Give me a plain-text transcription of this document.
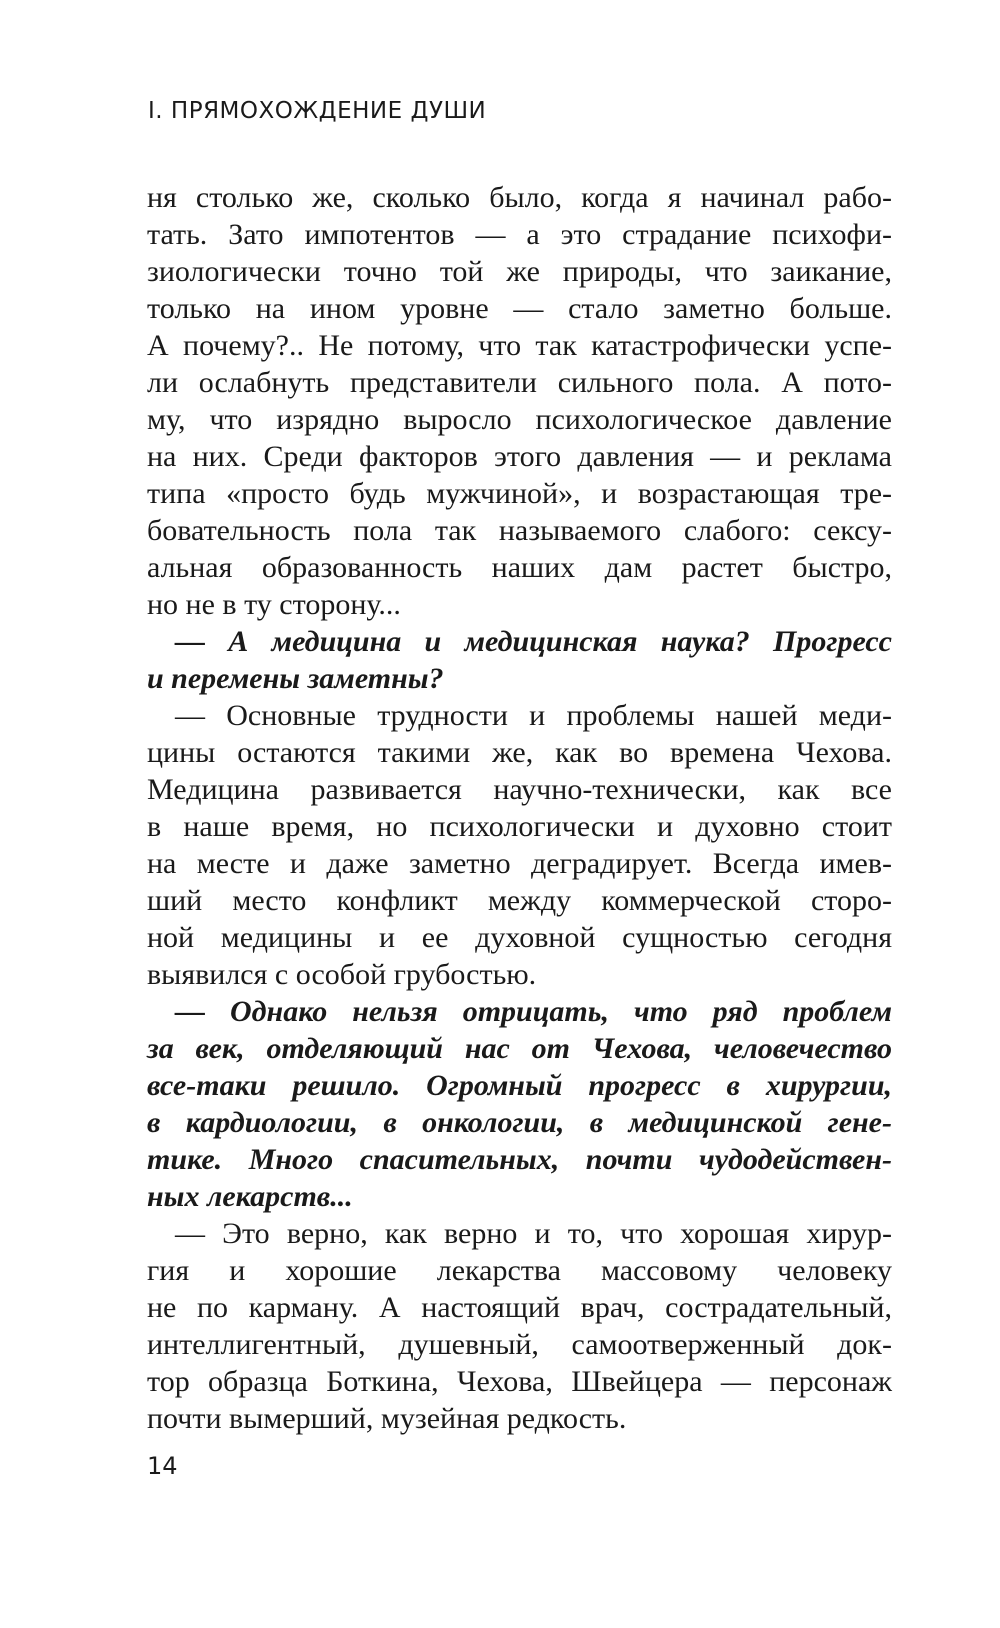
I. ПРЯМОХОЖДЕНИЕ ДУШИ
ня столько же, сколько было, когда я начинал рабо-
тать. Зато импотентов — а это страдание психофи-
зиологически точно той же природы, что заикание,
только на ином уровне — стало заметно больше.
А почему?.. Не потому, что так катастрофически успе-
ли ослабнуть представители сильного пола. А пото-
му, что изрядно выросло психологическое давление
на них. Среди факторов этого давления — и реклама
типа «просто будь мужчиной», и возрастающая тре-
бовательность пола так называемого слабого: сексу-
альная образованность наших дам растет быстро,
но не в ту сторону...
— А медицина и медицинская наука? Прогресс
и перемены заметны?
— Основные трудности и проблемы нашей меди-
цины остаются такими же, как во времена Чехова.
Медицина развивается научно-технически, как все
в наше время, но психологически и духовно стоит
на месте и даже заметно деградирует. Всегда имев-
ший место конфликт между коммерческой сторо-
ной медицины и ее духовной сущностью сегодня
выявился с особой грубостью.
— Однако нельзя отрицать, что ряд проблем
за век, отделяющий нас от Чехова, человечество
все-таки решило. Огромный прогресс в хирургии,
в кардиологии, в онкологии, в медицинской гене-
тике. Много спасительных, почти чудодействен-
ных лекарств...
— Это верно, как верно и то, что хорошая хирур-
гия и хорошие лекарства массовому человеку
не по карману. А настоящий врач, сострадательный,
интеллигентный, душевный, самоотверженный док-
тор образца Боткина, Чехова, Швейцера — персонаж
почти вымерший, музейная редкость.
14
